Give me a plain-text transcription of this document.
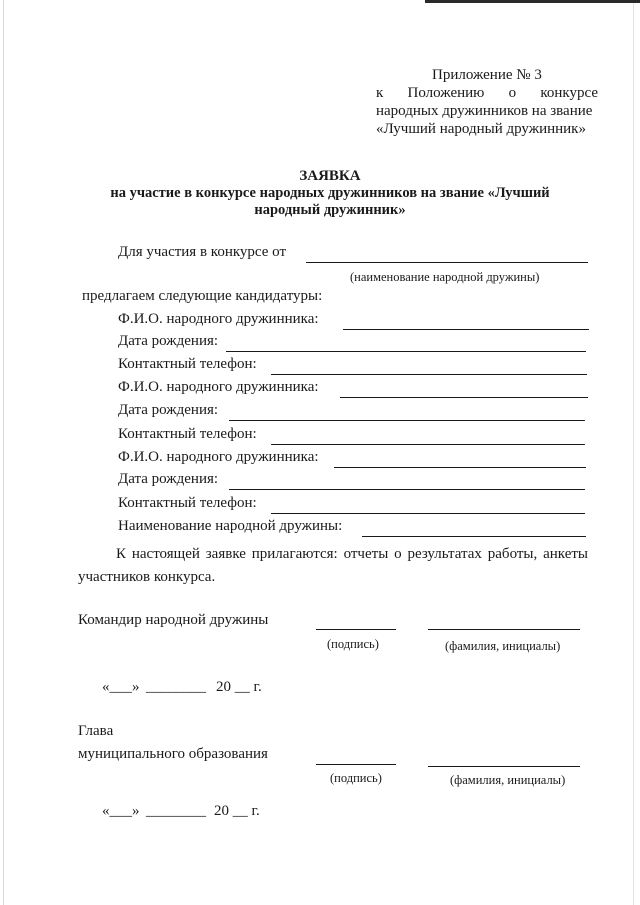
Приложение № 3
к Положению о конкурсе
народных дружинников на звание
«Лучший народный дружинник»
ЗАЯВКА
на участие в конкурсе народных дружинников на звание «Лучший
народный дружинник»
Для участия в конкурсе от
(наименование народной дружины)
предлагаем следующие кандидатуры:
Ф.И.О. народного дружинника:
Дата рождения:
Контактный телефон:
Ф.И.О. народного дружинника:
Дата рождения:
Контактный телефон:
Ф.И.О. народного дружинника:
Дата рождения:
Контактный телефон:
Наименование народной дружины:
К настоящей заявке прилагаются: отчеты о результатах работы, анкеты участников конкурса.
Командир народной дружины
(подпись)	(фамилия, инициалы)
«___» ________ 20 __ г.
Глава
муниципального образования
(подпись)	(фамилия, инициалы)
«___» ________ 20 __ г.
